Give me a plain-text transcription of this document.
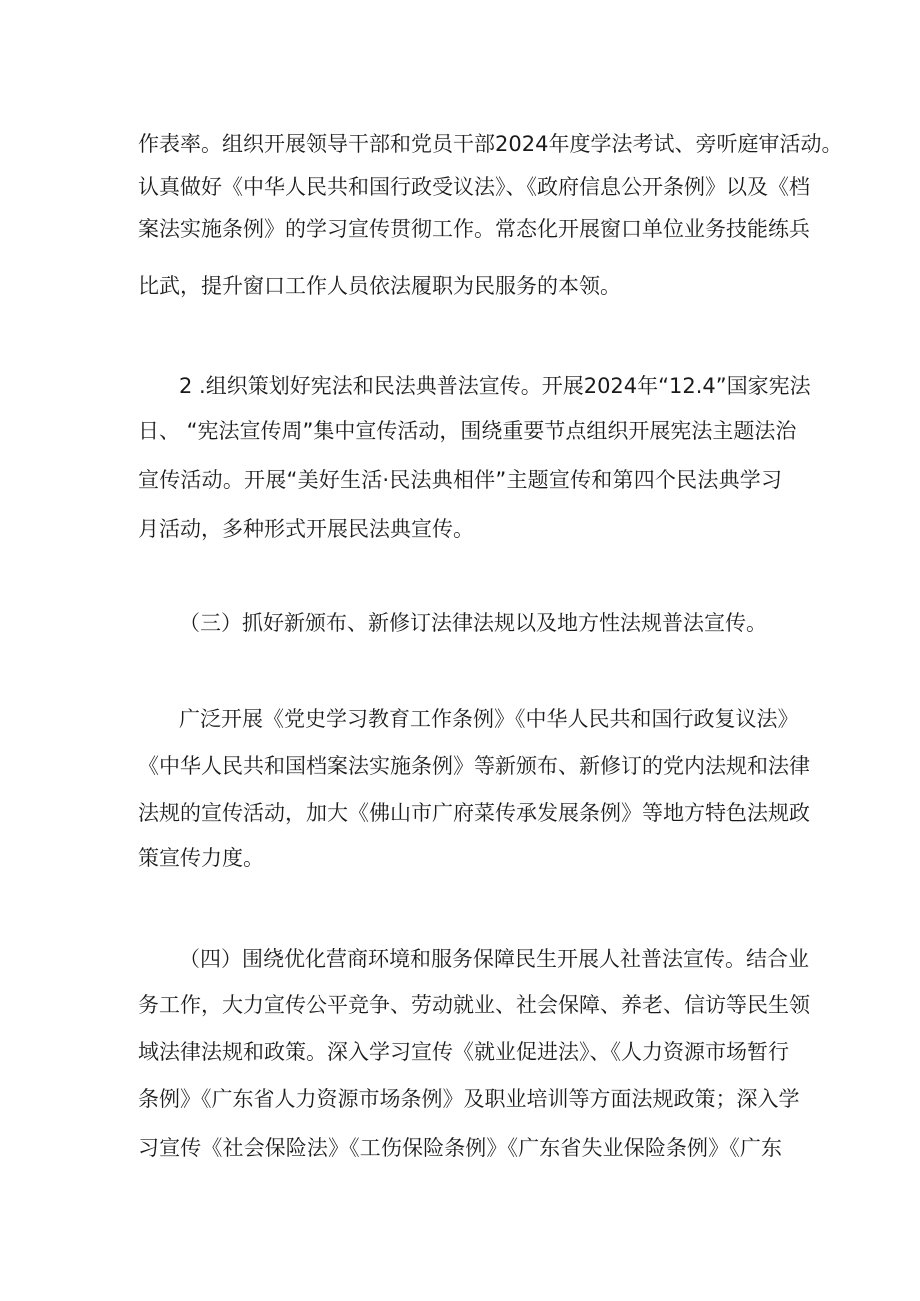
作表率。组织开展领导干部和党员干部2024年度学法考试、旁听庭审活动。
认真做好《中华人民共和国行政受议法》、《政府信息公开条例》以及《档
案法实施条例》的学习宣传贯彻工作。常态化开展窗口单位业务技能练兵
比武，提升窗口工作人员依法履职为民服务的本领。
2 .组织策划好宪法和民法典普法宣传。开展2024年“12.4”国家宪法
日、 “宪法宣传周”集中宣传活动，围绕重要节点组织开展宪法主题法治
宣传活动。开展“美好生活·民法典相伴”主题宣传和第四个民法典学习
月活动，多种形式开展民法典宣传。
（三）抓好新颁布、新修订法律法规以及地方性法规普法宣传。
广泛开展《党史学习教育工作条例》《中华人民共和国行政复议法》
《中华人民共和国档案法实施条例》等新颁布、新修订的党内法规和法律
法规的宣传活动，加大《佛山市广府菜传承发展条例》等地方特色法规政
策宣传力度。
（四）围绕优化营商环境和服务保障民生开展人社普法宣传。结合业
务工作，大力宣传公平竞争、劳动就业、社会保障、养老、信访等民生领
域法律法规和政策。深入学习宣传《就业促进法》、《人力资源市场暂行
条例》《广东省人力资源市场条例》及职业培训等方面法规政策；深入学
习宣传《社会保险法》《工伤保险条例》《广东省失业保险条例》《广东
